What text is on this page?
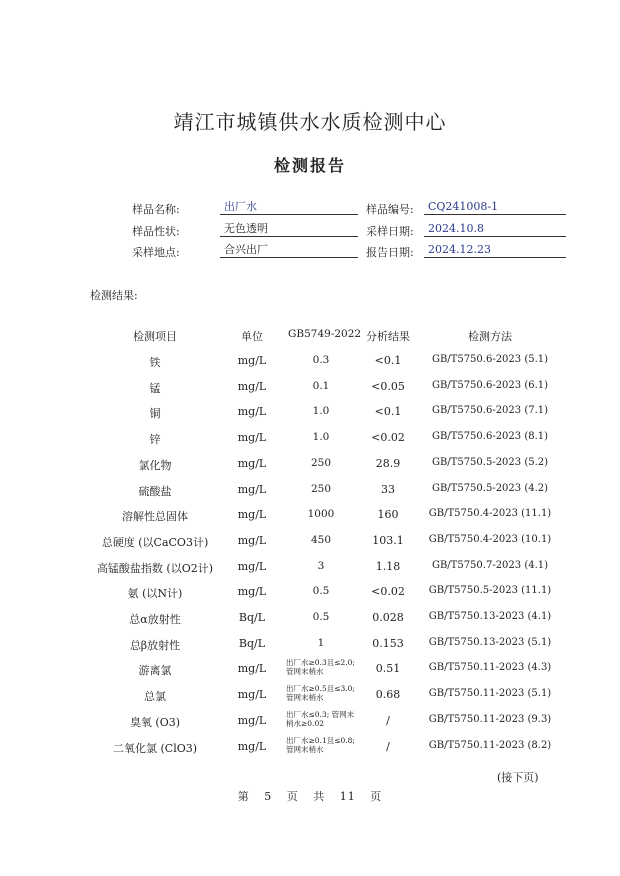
靖江市城镇供水水质检测中心
检测报告
样品名称:	出厂水	样品编号:	CQ241008-1
样品性状:	无色透明	采样日期:	2024.10.8
采样地点:	合兴出厂	报告日期:	2024.12.23
检测结果:
检测项目	单位	GB5749-2022 分析结果	检测方法
铁	mg/L	0.3	<0.1	GB/T5750.6-2023 (5.1)
锰	mg/L	0.1	<0.05	GB/T5750.6-2023 (6.1)
铜	mg/L	1.0	<0.1	GB/T5750.6-2023 (7.1)
锌	mg/L	1.0	<0.02	GB/T5750.6-2023 (8.1)
氯化物	mg/L	250	28.9	GB/T5750.5-2023 (5.2)
硫酸盐	mg/L	250	33	GB/T5750.5-2023 (4.2)
溶解性总固体	mg/L	1000	160	GB/T5750.4-2023 (11.1)
总硬度 (以CaCO3计)	mg/L	450	103.1	GB/T5750.4-2023 (10.1)
高锰酸盐指数 (以O2计)	mg/L	3	1.18	GB/T5750.7-2023 (4.1)
氨 (以N计)	mg/L	0.5	<0.02	GB/T5750.5-2023 (11.1)
总α放射性	Bq/L	0.5	0.028	GB/T5750.13-2023 (4.1)
总β放射性	Bq/L	1	0.153	GB/T5750.13-2023 (5.1)
游离氯	mg/L	出厂水≥0.3且≤2.0; 管网末梢水	0.51	GB/T5750.11-2023 (4.3)
总氯	mg/L	出厂水≥0.5且≤3.0; 管网末梢水	0.68	GB/T5750.11-2023 (5.1)
臭氧 (O3)	mg/L	出厂水≤0.3; 管网末梢水≥0.02	/	GB/T5750.11-2023 (9.3)
二氧化氯 (ClO3)	mg/L	出厂水≥0.1且≤0.8; 管网末梢水	/	GB/T5750.11-2023 (8.2)
(接下页)
第 5 页 共 11 页
